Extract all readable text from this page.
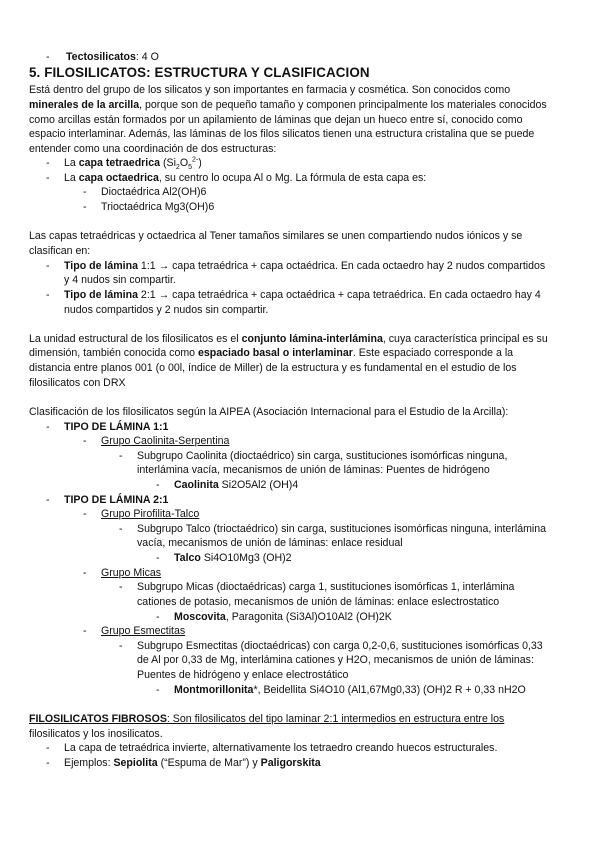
- Tectosilicatos: 4 O
5. FILOSILICATOS: ESTRUCTURA Y CLASIFICACION
Está dentro del grupo de los silicatos y son importantes en farmacia y cosmética. Son conocidos como
minerales de la arcilla, porque son de pequeño tamaño y componen principalmente los materiales conocidos
como arcillas están formados por un apilamiento de láminas que dejan un hueco entre sí, conocido como
espacio interlaminar. Además, las láminas de los filos silicatos tienen una estructura cristalina que se puede
entender como una coordinación de dos estructuras:
- La capa tetraedrica $(Si_2O_5^{2-})$
- La capa octaedrica, su centro lo ocupa Al o Mg. La fórmula de esta capa es:
- Dioctaédrica Al2(OH)6
- Trioctaédrica Mg3(OH)6
Las capas tetraédricas y octaedrica al Tener tamaños similares se unen compartiendo nudos iónicos y se
clasifican en:
- Tipo de lámina 1:1 → capa tetraédrica + capa octaédrica. En cada octaedro hay 2 nudos compartidos
y 4 nudos sin compartir.
- Tipo de lámina 2:1 → capa tetraédrica + capa octaédrica + capa tetraédrica. En cada octaedro hay 4
nudos compartidos y 2 nudos sin compartir.
La unidad estructural de los filosilicatos es el conjunto lámina-interlámina, cuya característica principal es su
dimensión, también conocida como espaciado basal o interlaminar. Este espaciado corresponde a la
distancia entre planos 001 (o 00l, índice de Miller) de la estructura y es fundamental en el estudio de los
filosilicatos con DRX
Clasificación de los filosilicatos según la AIPEA (Asociación Internacional para el Estudio de la Arcilla):
- TIPO DE LÁMINA 1:1
- Grupo Caolinita-Serpentina
- Subgrupo Caolinita (dioctaédrico) sin carga, sustituciones isomórficas ninguna,
interlámina vacía, mecanismos de unión de láminas: Puentes de hidrógeno
- Caolinita Si2O5Al2 (OH)4
- TIPO DE LÁMINA 2:1
- Grupo Pirofilita-Talco
- Subgrupo Talco (trioctaédrico) sin carga, sustituciones isomórficas ninguna, interlámina
vacía, mecanismos de unión de láminas: enlace residual
- Talco Si4O10Mg3 (OH)2
- Grupo Micas
- Subgrupo Micas (dioctaédricas) carga 1, sustituciones isomórficas 1, interlámina
cationes de potasio, mecanismos de unión de láminas: enlace eslectrostatico
- Moscovita, Paragonita (Si3Al)O10Al2 (OH)2K
- Grupo Esmectitas
- Subgrupo Esmectitas (dioctaédricas) con carga 0,2-0,6, sustituciones isomórficas 0,33
de Al por 0,33 de Mg, interlámina cationes y H2O, mecanismos de unión de láminas:
Puentes de hidrógeno y enlace electrostático
- Montmorillonita*, Beidellita Si4O10 (Al1,67Mg0,33) (OH)2 R + 0,33 nH2O
FILOSILICATOS FIBROSOS: Son filosilicatos del tipo laminar 2:1 intermedios en estructura entre los
filosilicatos y los inosilicatos.
- La capa de tetraédrica invierte, alternativamente los tetraedro creando huecos estructurales.
- Ejemplos: Sepiolita (“Espuma de Mar”) y Paligorskita
